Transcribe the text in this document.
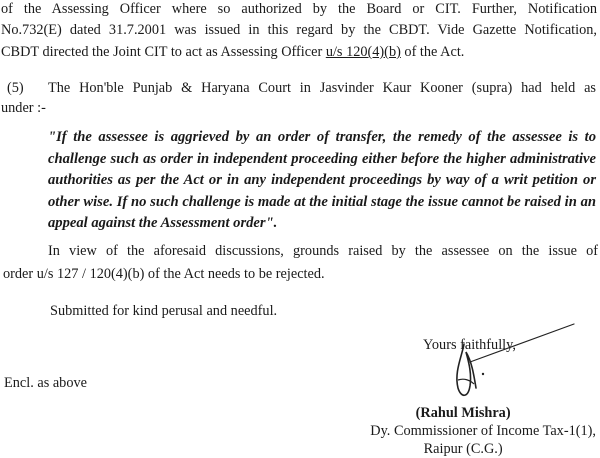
of the Assessing Officer where so authorized by the Board or CIT. Further, Notification
No.732(E) dated 31.7.2001 was issued in this regard by the CBDT. Vide Gazette Notification,
CBDT directed the Joint CIT to act as Assessing Officer u/s 120(4)(b) of the Act.
(5) The Hon'ble Punjab & Haryana Court in Jasvinder Kaur Kooner (supra) had held as
under :-
"If the assessee is aggrieved by an order of transfer, the remedy of the assessee is to challenge such as order in independent proceeding either before the higher administrative authorities as per the Act or in any independent proceedings by way of a writ petition or other wise. If no such challenge is made at the initial stage the issue cannot be raised in an appeal against the Assessment order".
In view of the aforesaid discussions, grounds raised by the assessee on the issue of
order u/s 127 / 120(4)(b) of the Act needs to be rejected.
Submitted for kind perusal and needful.
Yours faithfully,
Encl. as above
(Rahul Mishra)
Dy. Commissioner of Income Tax-1(1),
Raipur (C.G.)
